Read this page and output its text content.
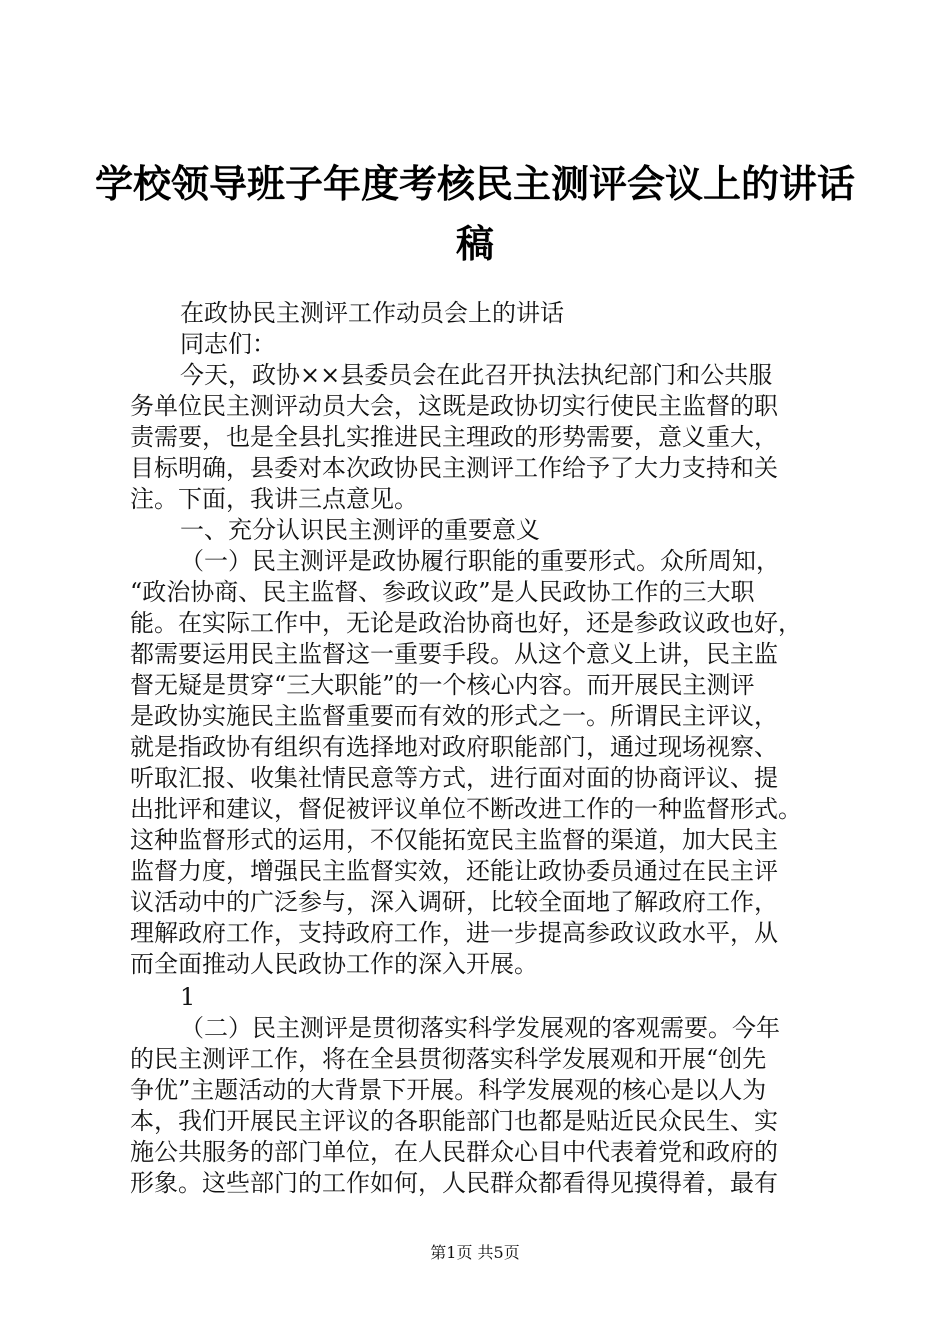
学校领导班子年度考核民主测评会议上的讲话
稿
在政协民主测评工作动员会上的讲话
同志们：
今天，政协××县委员会在此召开执法执纪部门和公共服
务单位民主测评动员大会，这既是政协切实行使民主监督的职
责需要，也是全县扎实推进民主理政的形势需要，意义重大，
目标明确，县委对本次政协民主测评工作给予了大力支持和关
注。下面，我讲三点意见。
一、充分认识民主测评的重要意义
（一）民主测评是政协履行职能的重要形式。众所周知，
“政治协商、民主监督、参政议政”是人民政协工作的三大职
能。在实际工作中，无论是政治协商也好，还是参政议政也好，
都需要运用民主监督这一重要手段。从这个意义上讲，民主监
督无疑是贯穿“三大职能”的一个核心内容。而开展民主测评
是政协实施民主监督重要而有效的形式之一。所谓民主评议，
就是指政协有组织有选择地对政府职能部门，通过现场视察、
听取汇报、收集社情民意等方式，进行面对面的协商评议、提
出批评和建议，督促被评议单位不断改进工作的一种监督形式。
这种监督形式的运用，不仅能拓宽民主监督的渠道，加大民主
监督力度，增强民主监督实效，还能让政协委员通过在民主评
议活动中的广泛参与，深入调研，比较全面地了解政府工作，
理解政府工作，支持政府工作，进一步提高参政议政水平，从
而全面推动人民政协工作的深入开展。
1
（二）民主测评是贯彻落实科学发展观的客观需要。今年
的民主测评工作，将在全县贯彻落实科学发展观和开展“创先
争优”主题活动的大背景下开展。科学发展观的核心是以人为
本，我们开展民主评议的各职能部门也都是贴近民众民生、实
施公共服务的部门单位，在人民群众心目中代表着党和政府的
形象。这些部门的工作如何，人民群众都看得见摸得着，最有
第1页 共5页
